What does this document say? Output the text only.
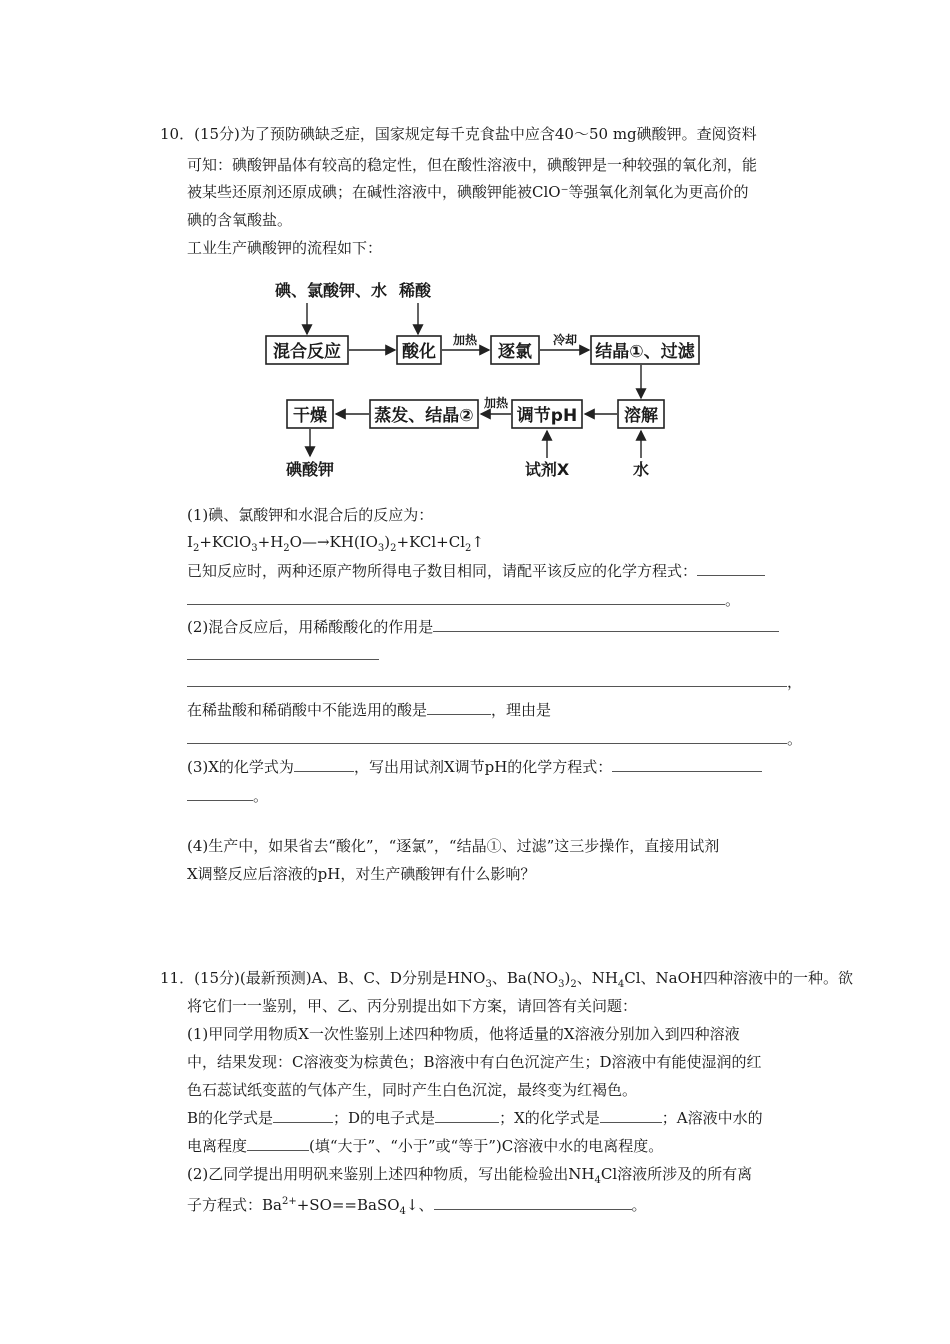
10．(15分)为了预防碘缺乏症，国家规定每千克食盐中应含40～50 mg碘酸钾。查阅资料
可知：碘酸钾晶体有较高的稳定性，但在酸性溶液中，碘酸钾是一种较强的氧化剂，能
被某些还原剂还原成碘；在碱性溶液中，碘酸钾能被ClO⁻等强氧化剂氧化为更高价的
碘的含氧酸盐。
工业生产碘酸钾的流程如下：
碘、氯酸钾、水 稀酸
混合反应	酸化	逐氯	结晶①、过滤
加热	冷却
溶解
调节pH
蒸发、结晶②
干燥
加热
试剂X	水
碘酸钾
(1)碘、氯酸钾和水混合后的反应为：
$I_2+KClO_3+H_2O—\to KH(IO_3)_2+KCl+Cl_2↑$
已知反应时，两种还原产物所得电子数目相同，请配平该反应的化学方程式：
。
(2)混合反应后，用稀酸酸化的作用是
，
在稀盐酸和稀硝酸中不能选用的酸是	，理由是
。
(3)X的化学式为	，写出用试剂X调节pH的化学方程式：
。
(4)生产中，如果省去“酸化”，“逐氯”，“结晶①、过滤”这三步操作，直接用试剂
X调整反应后溶液的pH，对生产碘酸钾有什么影响？
11．(15分)(最新预测)A、B、C、D分别是$HNO_3$、$Ba(NO_3)_2$、$NH_4Cl$、NaOH四种溶液中的一种。欲
将它们一一鉴别，甲、乙、丙分别提出如下方案，请回答有关问题：
(1)甲同学用物质X一次性鉴别上述四种物质，他将适量的X溶液分别加入到四种溶液
中，结果发现：C溶液变为棕黄色；B溶液中有白色沉淀产生；D溶液中有能使湿润的红
色石蕊试纸变蓝的气体产生，同时产生白色沉淀，最终变为红褐色。
B的化学式是	；D的电子式是	；X的化学式是	；A溶液中水的
电离程度	(填“大于”、“小于”或“等于”)C溶液中水的电离程度。
(2)乙同学提出用明矾来鉴别上述四种物质，写出能检验出$NH_4Cl$溶液所涉及的所有离
子方程式：$Ba^{2+}+SO==BaSO_4↓$、	。
